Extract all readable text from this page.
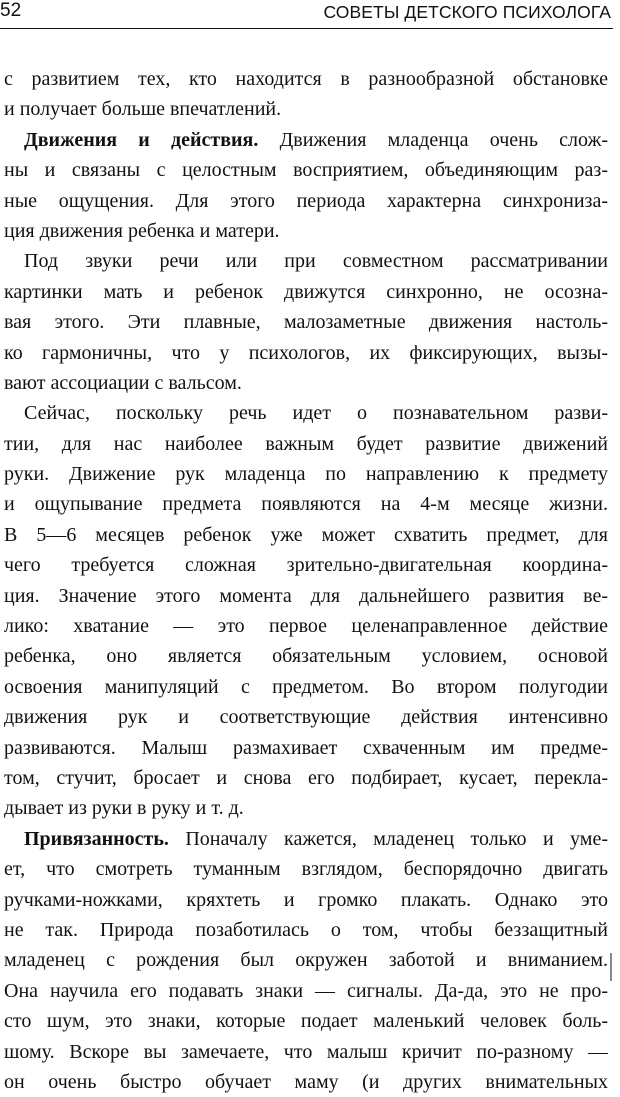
52	СОВЕТЫ ДЕТСКОГО ПСИХОЛОГА
с развитием тех, кто находится в разнообразной обстановке
и получает больше впечатлений.
Движения и действия. Движения младенца очень слож-
ны и связаны с целостным восприятием, объединяющим раз-
ные ощущения. Для этого периода характерна синхрониза-
ция движения ребенка и матери.
Под звуки речи или при совместном рассматривании
картинки мать и ребенок движутся синхронно, не осозна-
вая этого. Эти плавные, малозаметные движения настоль-
ко гармоничны, что у психологов, их фиксирующих, вызы-
вают ассоциации с вальсом.
Сейчас, поскольку речь идет о познавательном разви-
тии, для нас наиболее важным будет развитие движений
руки. Движение рук младенца по направлению к предмету
и ощупывание предмета появляются на 4-м месяце жизни.
В 5—6 месяцев ребенок уже может схватить предмет, для
чего требуется сложная зрительно-двигательная координа-
ция. Значение этого момента для дальнейшего развития ве-
лико: хватание — это первое целенаправленное действие
ребенка, оно является обязательным условием, основой
освоения манипуляций с предметом. Во втором полугодии
движения рук и соответствующие действия интенсивно
развиваются. Малыш размахивает схваченным им предме-
том, стучит, бросает и снова его подбирает, кусает, перекла-
дывает из руки в руку и т. д.
Привязанность. Поначалу кажется, младенец только и уме-
ет, что смотреть туманным взглядом, беспорядочно двигать
ручками-ножками, кряхтеть и громко плакать. Однако это
не так. Природа позаботилась о том, чтобы беззащитный
младенец с рождения был окружен заботой и вниманием.
Она научила его подавать знаки — сигналы. Да-да, это не про-
сто шум, это знаки, которые подает маленький человек боль-
шому. Вскоре вы замечаете, что малыш кричит по-разному —
он очень быстро обучает маму (и других внимательных
